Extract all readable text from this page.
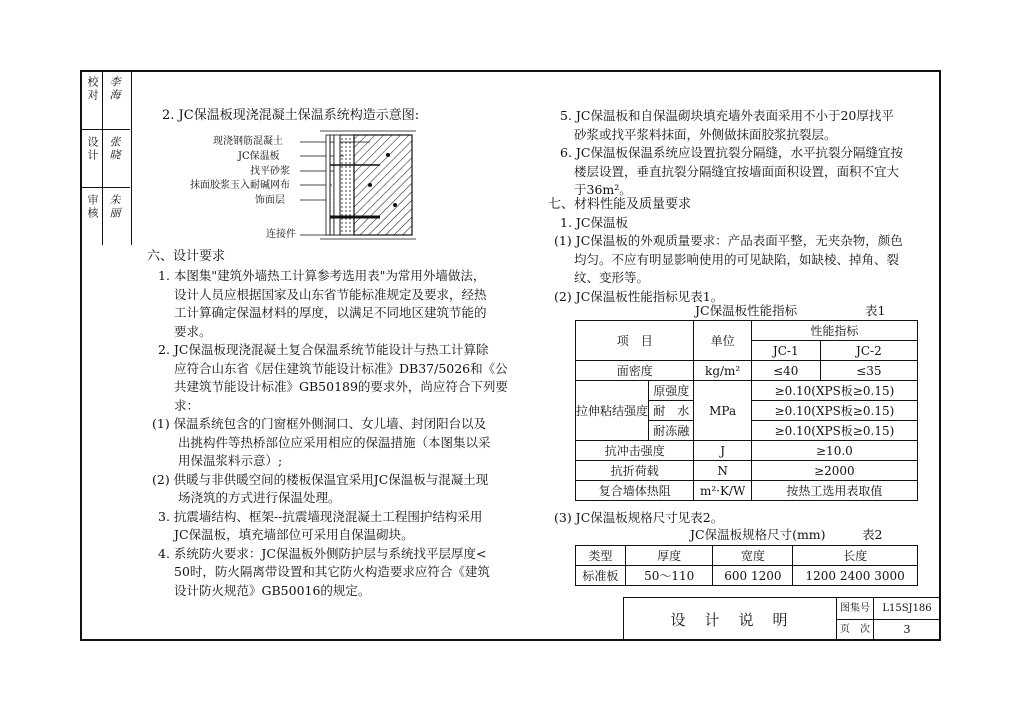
校对 李海
设计 张晓
审核 朱丽
2. JC保温板现浇混凝土保温系统构造示意图:
现浇钢筋混凝土
JC保温板
找平砂浆
抹面胶浆玉入耐碱网布
饰面层
连接件
六、设计要求
1. 本图集"建筑外墙热工计算参考选用表"为常用外墙做法，
设计人员应根据国家及山东省节能标准规定及要求，经热
工计算确定保温材料的厚度，以满足不同地区建筑节能的
要求。
2. JC保温板现浇混凝土复合保温系统节能设计与热工计算除
应符合山东省《居住建筑节能设计标准》DB37/5026和《公
共建筑节能设计标准》GB50189的要求外，尚应符合下列要
求：
(1) 保温系统包含的门窗框外侧洞口、女儿墙、封闭阳台以及
出挑构件等热桥部位应采用相应的保温措施（本图集以采
用保温浆料示意）;
(2) 供暖与非供暖空间的楼板保温宜采用JC保温板与混凝土现
场浇筑的方式进行保温处理。
3. 抗震墙结构、框架--抗震墙现浇混凝土工程围护结构采用
JC保温板，填充墙部位可采用自保温砌块。
4. 系统防火要求：JC保温板外侧防护层与系统找平层厚度<
50时，防火隔离带设置和其它防火构造要求应符合《建筑
设计防火规范》GB50016的规定。
5. JC保温板和自保温砌块填充墙外表面采用不小于20厚找平
砂浆或找平浆料抹面，外侧做抹面胶浆抗裂层。
6. JC保温板保温系统应设置抗裂分隔缝，水平抗裂分隔缝宜按
楼层设置，垂直抗裂分隔缝宜按墙面面积设置，面积不宜大
于36m²。
七、材料性能及质量要求
1. JC保温板
(1) JC保温板的外观质量要求：产品表面平整，无夹杂物，颜色
均匀。不应有明显影响使用的可见缺陷，如缺棱、掉角、裂
纹、变形等。
(2) JC保温板性能指标见表1。
JC保温板性能指标	表1
项　目		单位	性能指标	
			JC-1	JC-2
面密度		kg/m²	≤40	≤35
拉伸粘结强度	原强度	MPa	≥0.10(XPS板≥0.15)	
	耐　水		≥0.10(XPS板≥0.15)	
	耐冻融		≥0.10(XPS板≥0.15)	
抗冲击强度		J	≥10.0	
抗折荷载		N	≥2000	
复合墙体热阻		m²·K/W	按热工选用表取值	
(3) JC保温板规格尺寸见表2。
JC保温板规格尺寸(mm)	表2
类型	厚度	宽度	长度
标准板	50～110	600 1200	1200 2400 3000
设　计　说　明
图集号	L15SJ186
页　次	3
